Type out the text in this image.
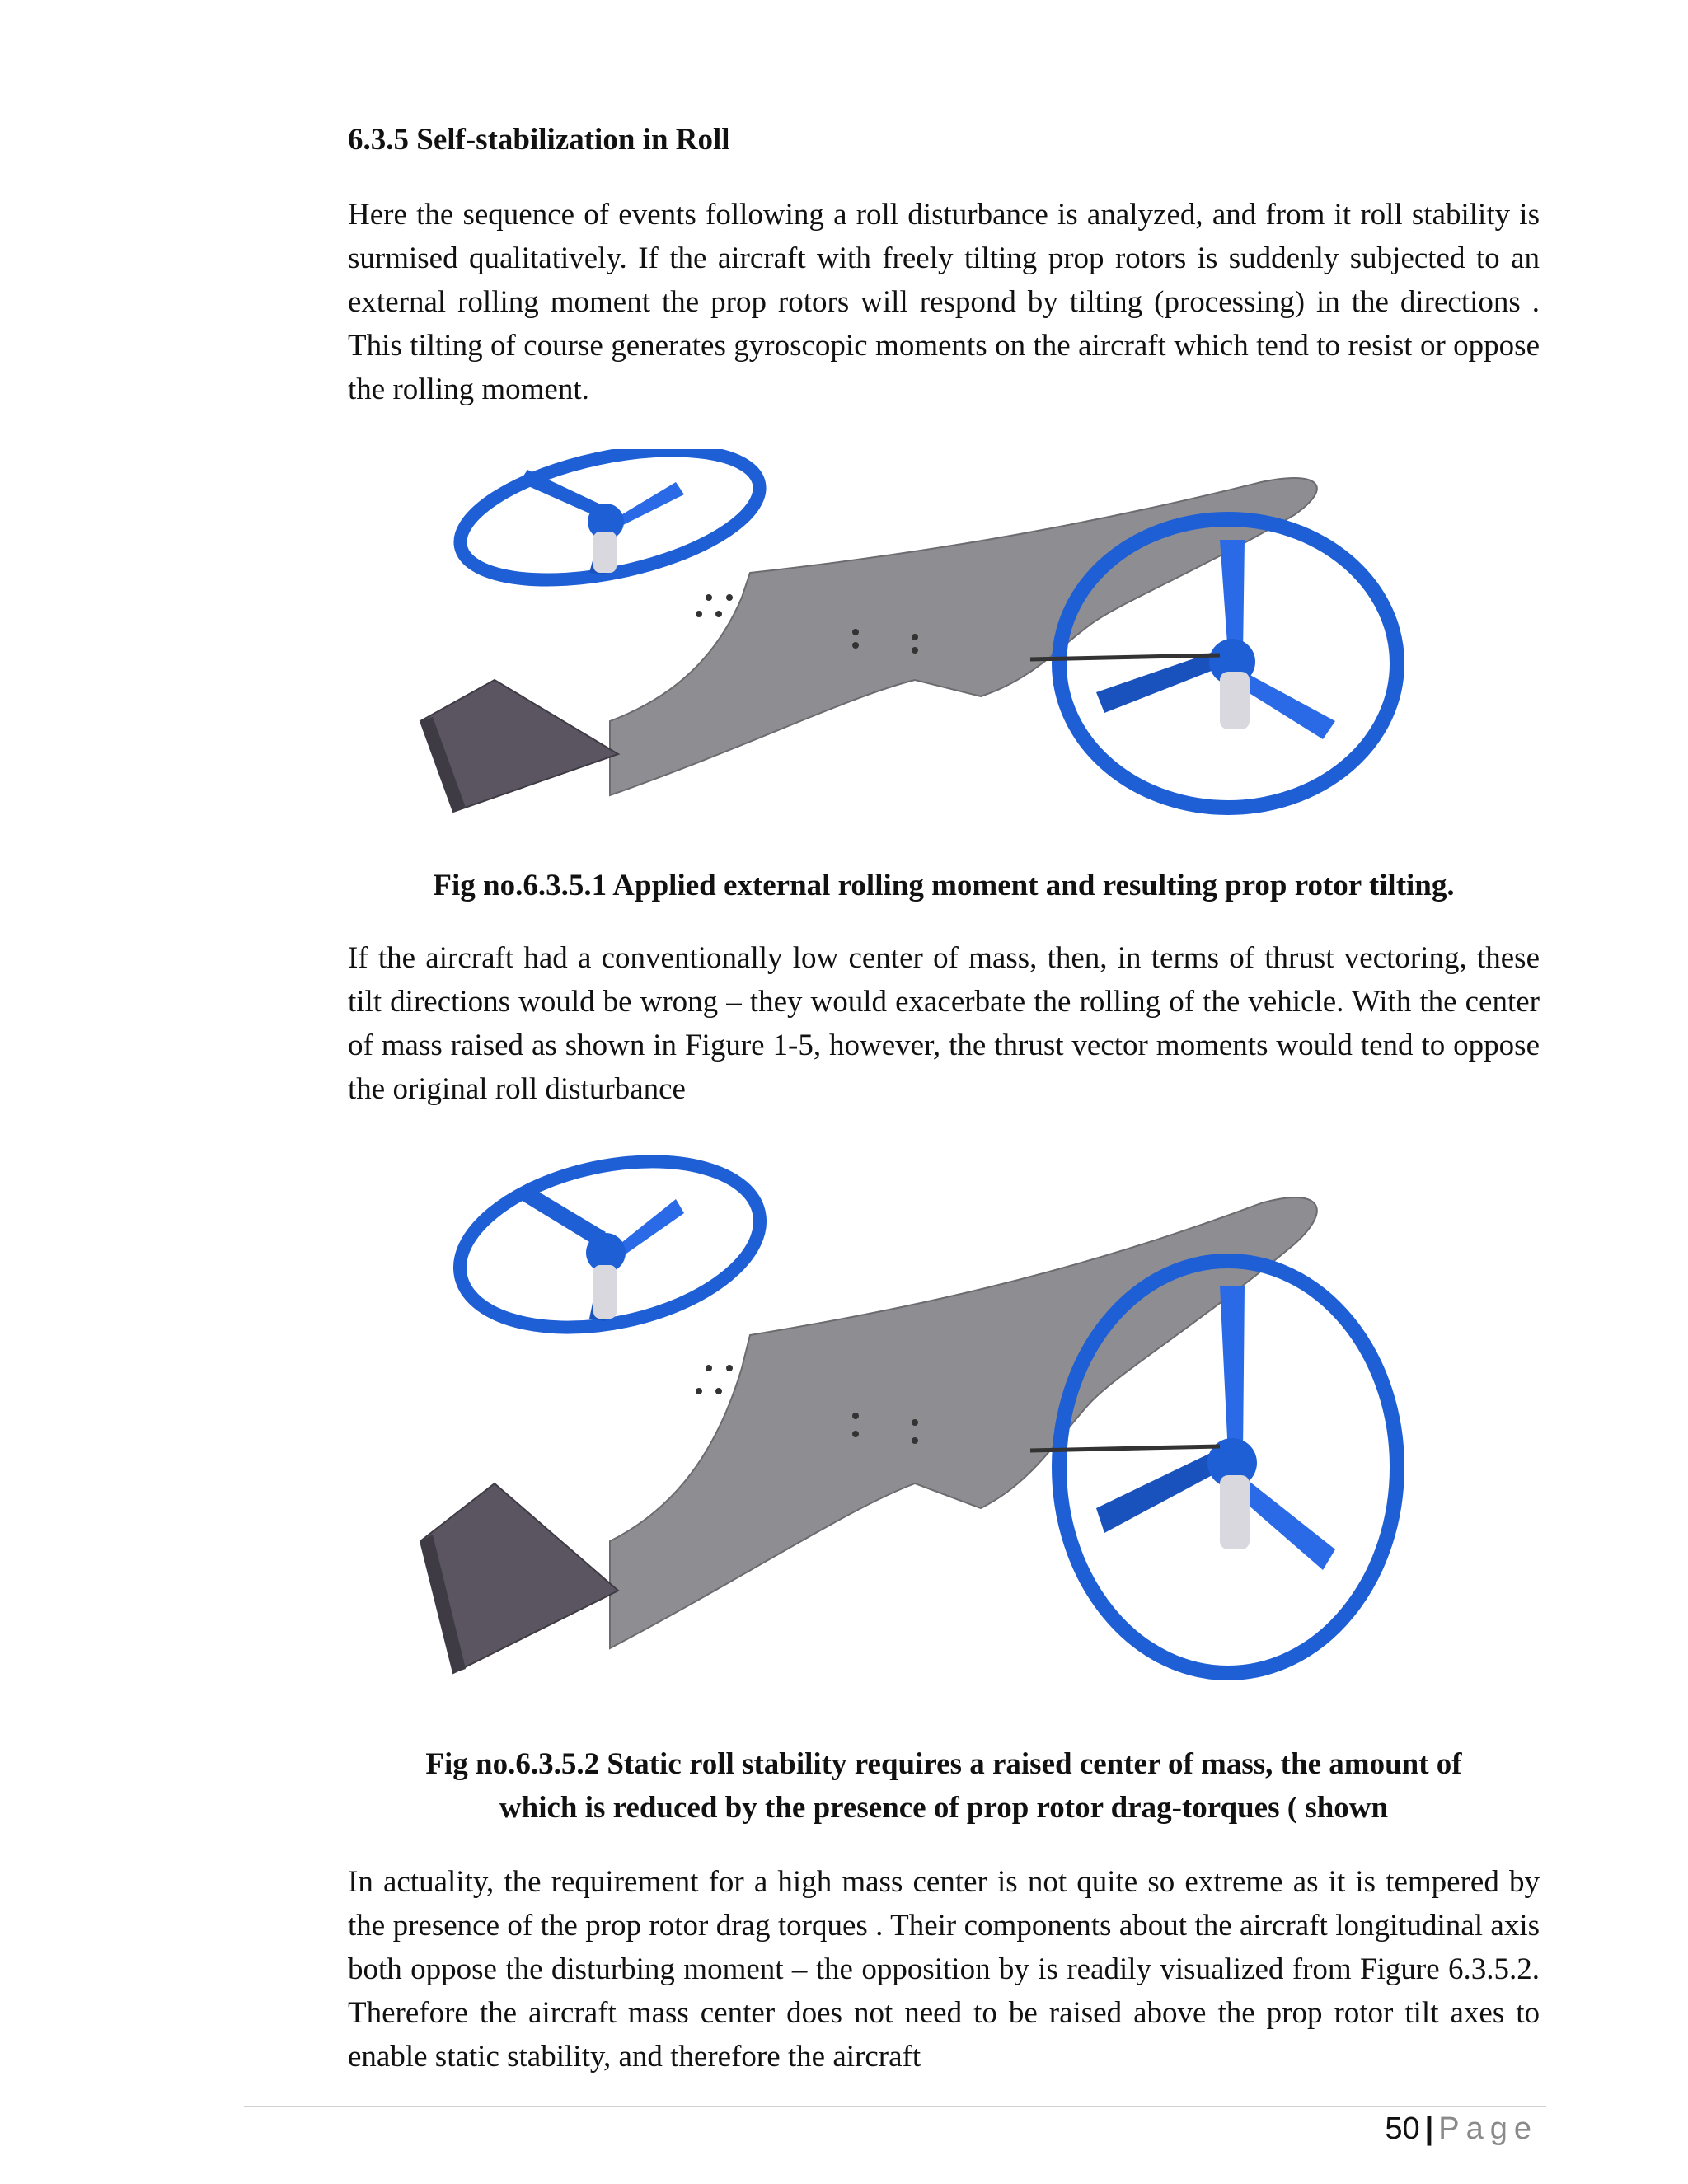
6.3.5 Self-stabilization in Roll
Here the sequence of events following a roll disturbance is analyzed, and from it roll stability is surmised qualitatively. If the aircraft with freely tilting prop rotors is suddenly subjected to an external rolling moment the prop rotors will respond by tilting (processing) in the directions . This tilting of course generates gyroscopic moments on the aircraft which tend to resist or oppose the rolling moment.
Fig no.6.3.5.1 Applied external rolling moment and resulting prop rotor tilting.
If the aircraft had a conventionally low center of mass, then, in terms of thrust vectoring, these tilt directions would be wrong – they would exacerbate the rolling of the vehicle. With the center of mass raised as shown in Figure 1-5, however, the thrust vector moments would tend to oppose the original roll disturbance
Fig no.6.3.5.2 Static roll stability requires a raised center of mass, the amount of
which is reduced by the presence of prop rotor drag-torques ( shown
In actuality, the requirement for a high mass center is not quite so extreme as it is tempered by the presence of the prop rotor drag torques . Their components about the aircraft longitudinal axis both oppose the disturbing moment – the opposition by is readily visualized from Figure 6.3.5.2. Therefore the aircraft mass center does not need to be raised above the prop rotor tilt axes to enable static stability, and therefore the aircraft
50 | Page
